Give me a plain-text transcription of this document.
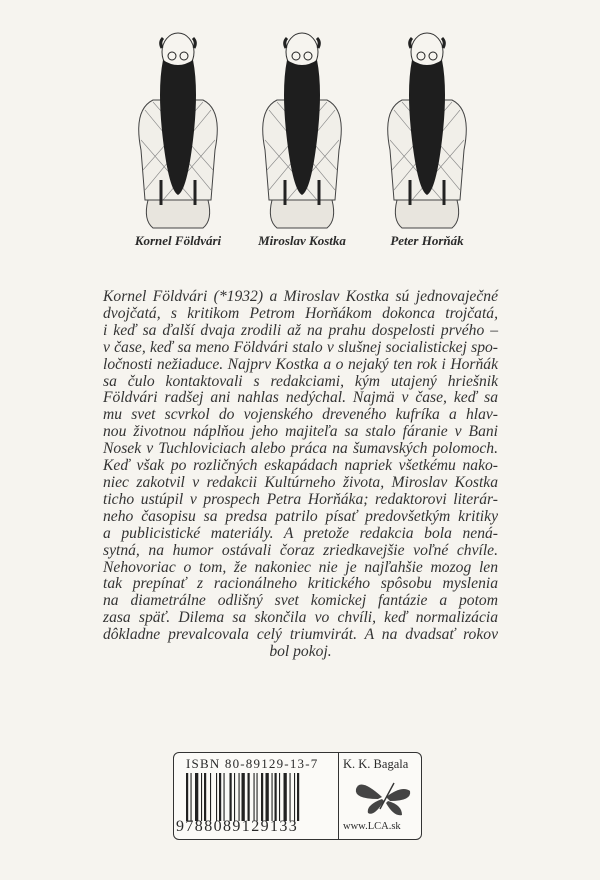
Kornel Földvári	Miroslav Kostka	Peter Horňák
Kornel Földvári (*1932) a Miroslav Kostka sú jednovaječné
dvojčatá, s kritikom Petrom Horňákom dokonca trojčatá,
i keď sa ďalší dvaja zrodili až na prahu dospelosti prvého –
v čase, keď sa meno Földvári stalo v slušnej socialistickej spo-
ločnosti nežiaduce. Najprv Kostka a o nejaký ten rok i Horňák
sa čulo kontaktovali s redakciami, kým utajený hriešnik
Földvári radšej ani nahlas nedýchal. Najmä v čase, keď sa
mu svet scvrkol do vojenského dreveného kufríka a hlav-
nou životnou náplňou jeho majiteľa sa stalo fáranie v Bani
Nosek v Tuchloviciach alebo práca na šumavských polomoch.
Keď však po rozličných eskapádach napriek všetkému nako-
niec zakotvil v redakcii Kultúrneho života, Miroslav Kostka
ticho ustúpil v prospech Petra Horňáka; redaktorovi literár-
neho časopisu sa predsa patrilo písať predovšetkým kritiky
a publicistické materiály. A pretože redakcia bola nená-
sytná, na humor ostávali čoraz zriedkavejšie voľné chvíle.
Nehovoriac o tom, že nakoniec nie je najľahšie mozog len
tak prepínať z racionálneho kritického spôsobu myslenia
na diametrálne odlišný svet komickej fantázie a potom
zasa späť. Dilema sa skončila vo chvíli, keď normalizácia
dôkladne prevalcovala celý triumvirát. A na dvadsať rokov
bol pokoj.
ISBN 80-89129-13-7
9788089129133
K. K. Bagala
www.LCA.sk
